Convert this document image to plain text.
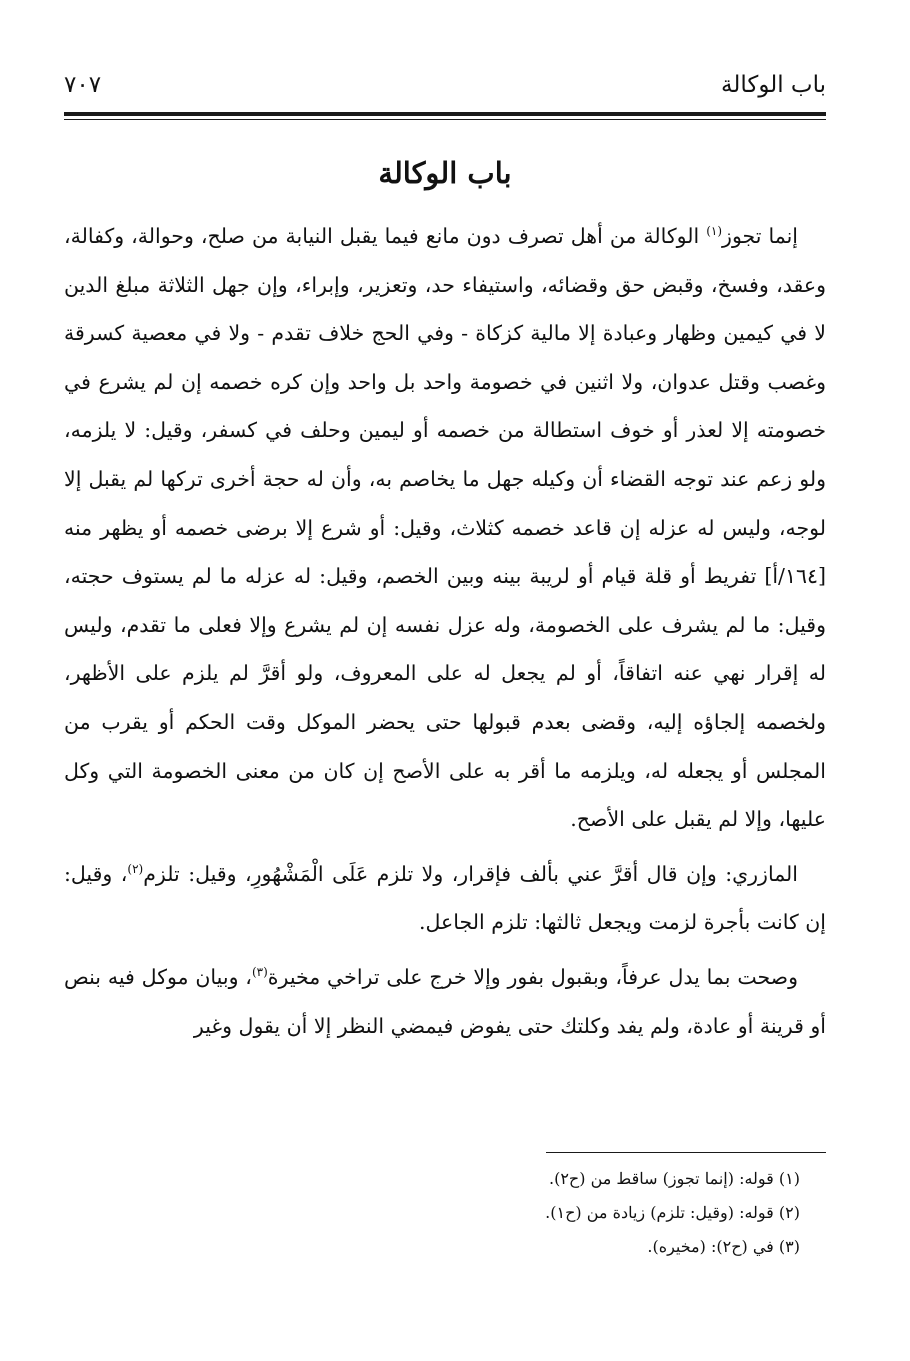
باب الوكالة
٧٠٧
باب الوكالة

إنما تجوز$^{(١)}$ الوكالة من أهل تصرف دون مانع فيما يقبل النيابة من صلح، وحوالة، وكفالة، وعقد، وفسخ، وقبض حق وقضائه، واستيفاء حد، وتعزير، وإبراء، وإن جهل الثلاثة مبلغ الدين لا في كيمين وظهار وعبادة إلا مالية كزكاة - وفي الحج خلاف تقدم - ولا في معصية كسرقة وغصب وقتل عدوان، ولا اثنين في خصومة واحد بل واحد وإن كره خصمه إن لم يشرع في خصومته إلا لعذر أو خوف استطالة من خصمه أو ليمين وحلف في كسفر، وقيل: لا يلزمه، ولو زعم عند توجه القضاء أن وكيله جهل ما يخاصم به، وأن له حجة أخرى تركها لم يقبل إلا لوجه، وليس له عزله إن قاعد خصمه كثلاث، وقيل: أو شرع إلا برضى خصمه أو يظهر منه [١٦٤/أ] تفريط أو قلة قيام أو لريبة بينه وبين الخصم، وقيل: له عزله ما لم يستوف حجته، وقيل: ما لم يشرف على الخصومة، وله عزل نفسه إن لم يشرع وإلا فعلى ما تقدم، وليس له إقرار نهي عنه اتفاقاً، أو لم يجعل له على المعروف، ولو أقرَّ لم يلزم على الأظهر، ولخصمه إلجاؤه إليه، وقضى بعدم قبولها حتى يحضر الموكل وقت الحكم أو يقرب من المجلس أو يجعله له، ويلزمه ما أقر به على الأصح إن كان من معنى الخصومة التي وكل عليها، وإلا لم يقبل على الأصح.

المازري: وإن قال أقرَّ عني بألف فإقرار، ولا تلزم عَلَى الْمَشْهُورِ، وقيل: تلزم$^{(٢)}$، وقيل: إن كانت بأجرة لزمت ويجعل ثالثها: تلزم الجاعل.

وصحت بما يدل عرفاً، وبقبول بفور وإلا خرج على تراخي مخيرة$^{(٣)}$، وبيان موكل فيه بنص أو قرينة أو عادة، ولم يفد وكلتك حتى يفوض فيمضي النظر إلا أن يقول وغير

(١) قوله: (إنما تجوز) ساقط من (ح٢).
(٢) قوله: (وقيل: تلزم) زيادة من (ح١).
(٣) في (ح٢): (مخيره).
